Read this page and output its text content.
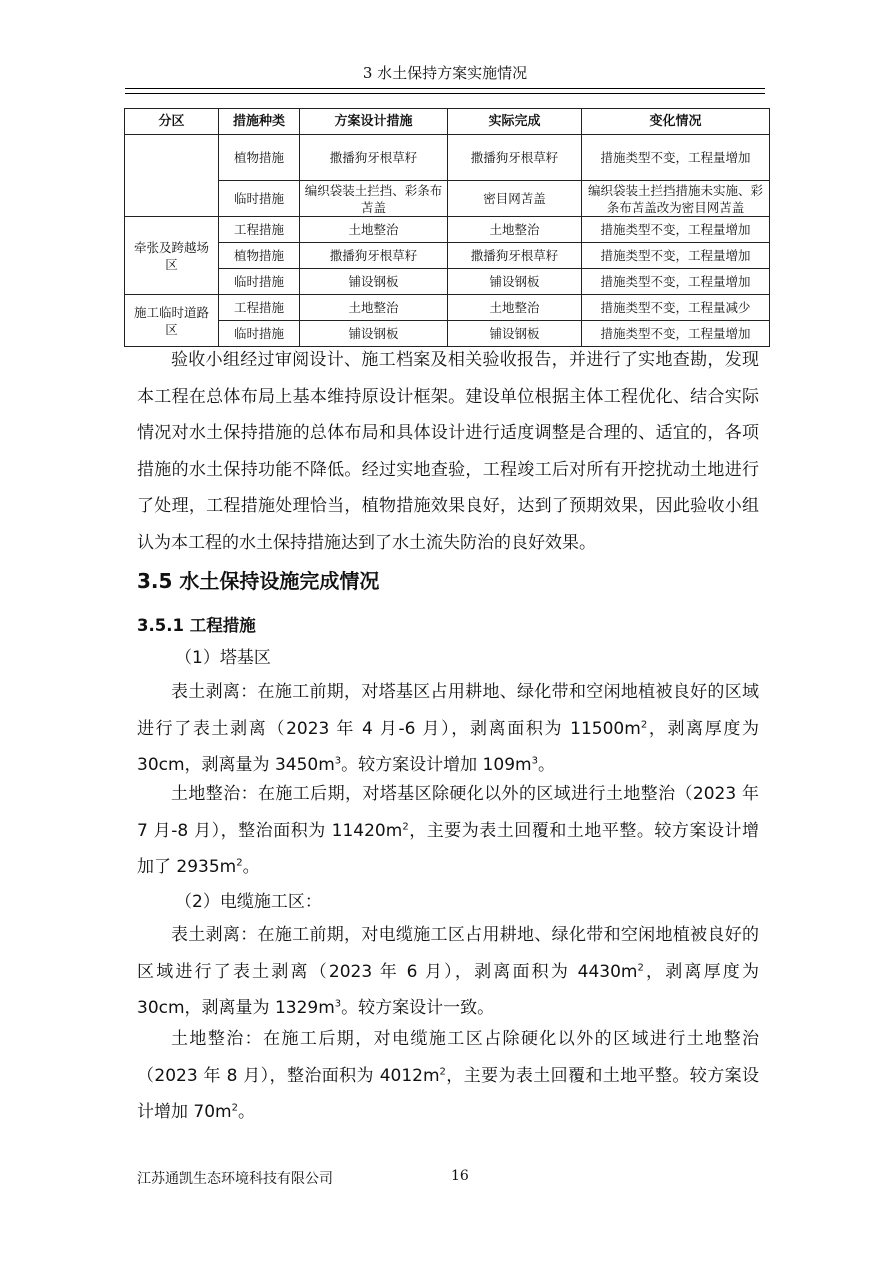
3 水土保持方案实施情况
分区	措施种类	方案设计措施	实际完成	变化情况
	植物措施	撒播狗牙根草籽	撒播狗牙根草籽	措施类型不变，工程量增加
	临时措施	编织袋装土拦挡、彩条布苫盖	密目网苫盖	编织袋装土拦挡措施未实施、彩条布苫盖改为密目网苫盖
牵张及跨越场区	工程措施	土地整治	土地整治	措施类型不变，工程量增加
	植物措施	撒播狗牙根草籽	撒播狗牙根草籽	措施类型不变，工程量增加
	临时措施	铺设钢板	铺设钢板	措施类型不变，工程量增加
施工临时道路区	工程措施	土地整治	土地整治	措施类型不变，工程量减少
	临时措施	铺设钢板	铺设钢板	措施类型不变，工程量增加

验收小组经过审阅设计、施工档案及相关验收报告，并进行了实地查勘，发现本工程在总体布局上基本维持原设计框架。建设单位根据主体工程优化、结合实际情况对水土保持措施的总体布局和具体设计进行适度调整是合理的、适宜的，各项措施的水土保持功能不降低。经过实地查验，工程竣工后对所有开挖扰动土地进行了处理，工程措施处理恰当，植物措施效果良好，达到了预期效果，因此验收小组认为本工程的水土保持措施达到了水土流失防治的良好效果。

3.5 水土保持设施完成情况
3.5.1 工程措施
（1）塔基区

表土剥离：在施工前期，对塔基区占用耕地、绿化带和空闲地植被良好的区域进行了表土剥离（2023 年 4 月-6 月），剥离面积为 $11500m^2$，剥离厚度为 30cm，剥离量为 $3450m^3$。较方案设计增加 $109m^3$。

土地整治：在施工后期，对塔基区除硬化以外的区域进行土地整治（2023 年 7 月-8 月），整治面积为 $11420m^2$，主要为表土回覆和土地平整。较方案设计增加了 $2935m^2$。

（2）电缆施工区：

表土剥离：在施工前期，对电缆施工区占用耕地、绿化带和空闲地植被良好的区域进行了表土剥离（2023 年 6 月），剥离面积为 $4430m^2$，剥离厚度为 30cm，剥离量为 $1329m^3$。较方案设计一致。

土地整治：在施工后期，对电缆施工区占除硬化以外的区域进行土地整治（2023 年 8 月），整治面积为 $4012m^2$，主要为表土回覆和土地平整。较方案设计增加 $70m^2$。

江苏通凯生态环境科技有限公司	16
